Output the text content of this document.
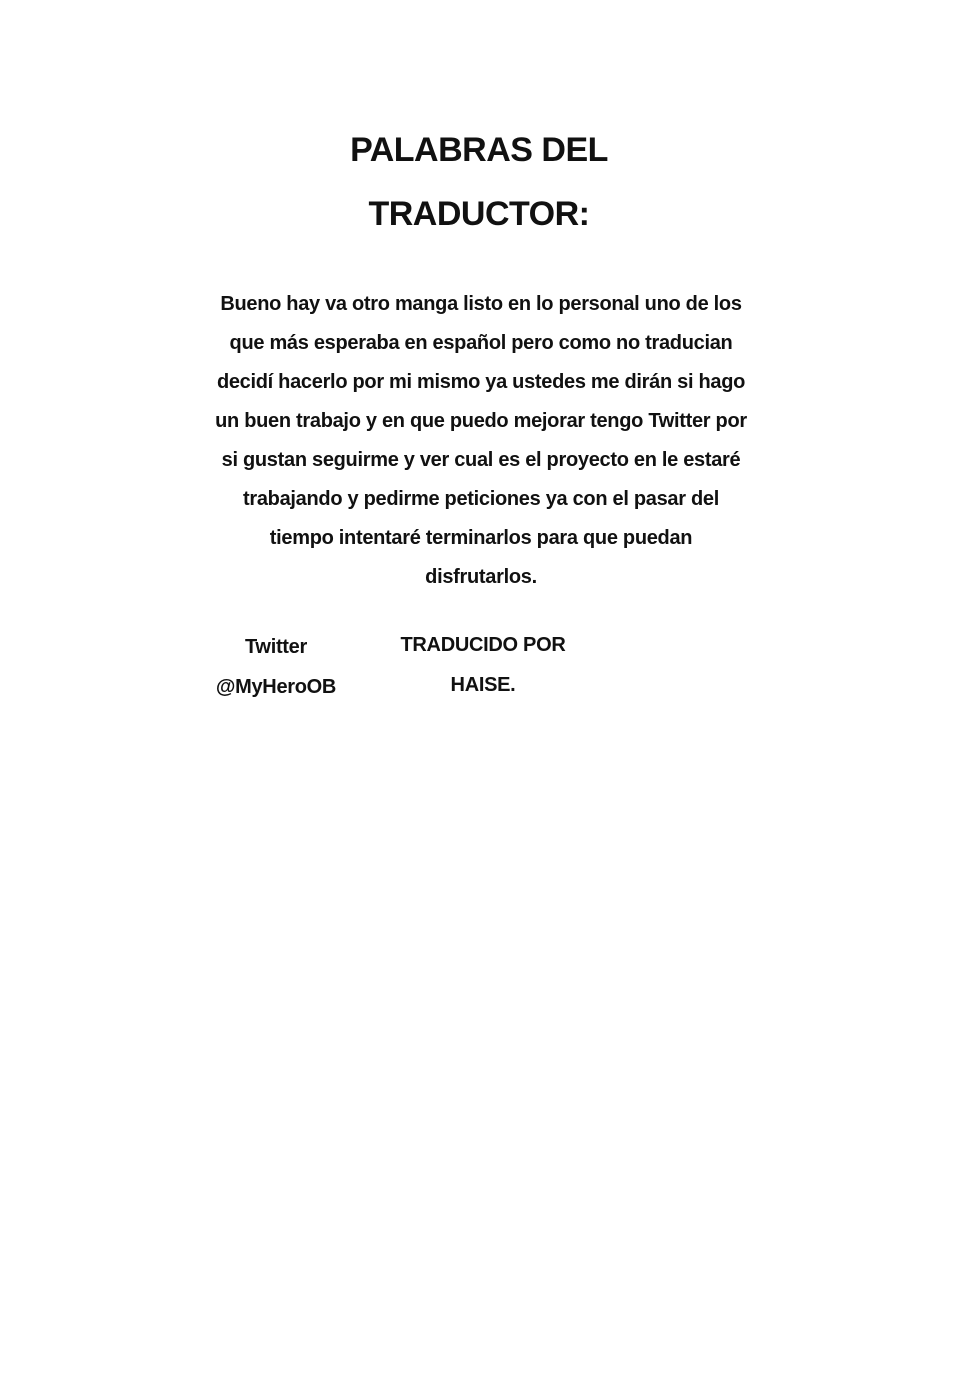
PALABRAS DEL
TRADUCTOR:

Bueno hay va otro manga listo en lo personal uno de los
que más esperaba en español pero como no traducian
decidí hacerlo por mi mismo ya ustedes me dirán si hago
un buen trabajo y en que puedo mejorar tengo Twitter por
si gustan seguirme y ver cual es el proyecto en le estaré
trabajando y pedirme peticiones ya con el pasar del
tiempo intentaré terminarlos para que puedan
disfrutarlos.

Twitter
@MyHeroOB
TRADUCIDO POR
HAISE.
